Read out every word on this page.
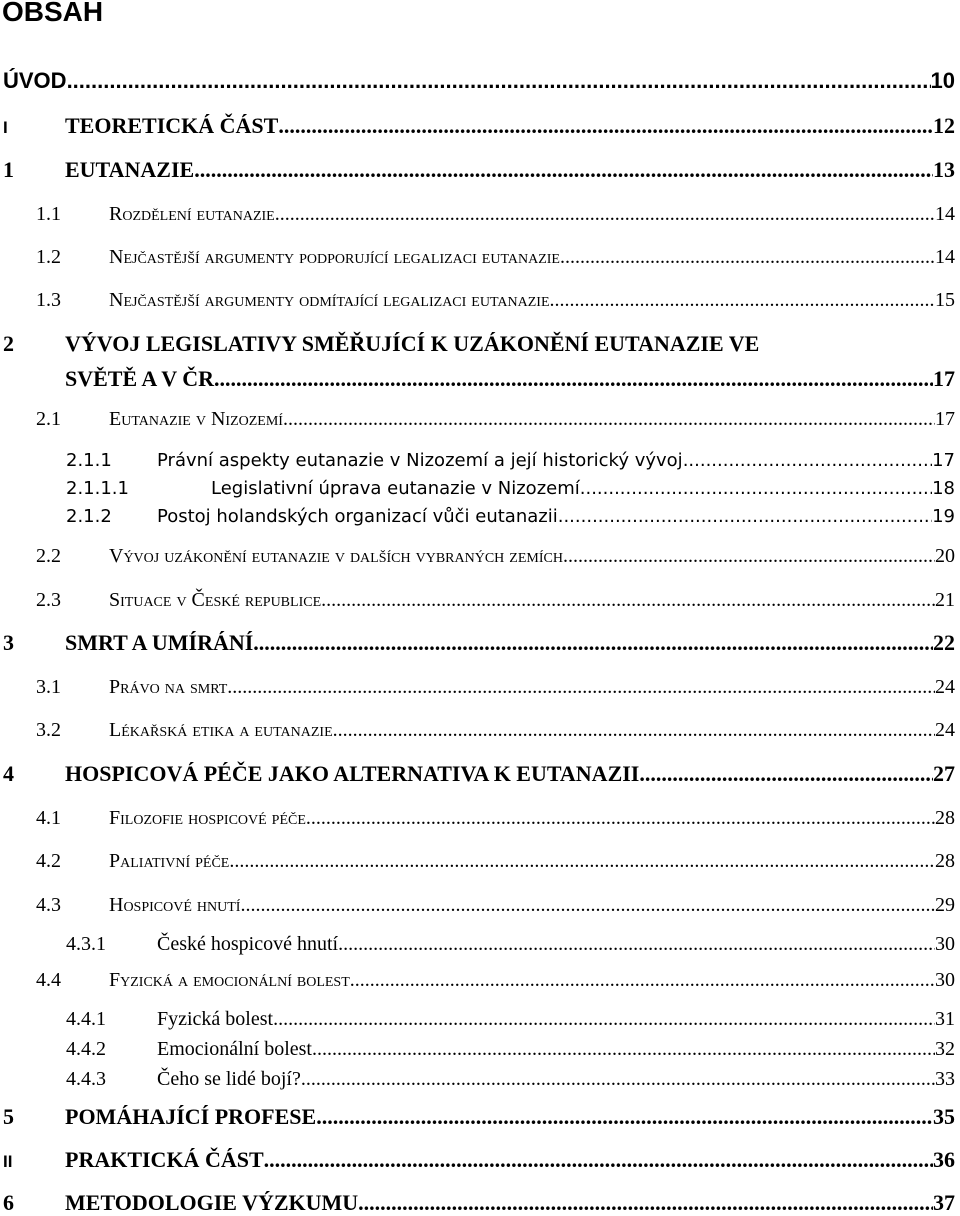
OBSAH
ÚVOD .....	10
I	TEORETICKÁ ČÁST .....	12
1	EUTANAZIE .....	13
1.1	Rozdělení eutanazie .....	14
1.2	Nejčastější argumenty podporující legalizaci eutanazie .....	14
1.3	Nejčastější argumenty odmítající legalizaci eutanazie .....	15
2	VÝVOJ LEGISLATIVY SMĚŘUJÍCÍ K UZÁKONĚNÍ EUTANAZIE VE
SVĚTĚ A V ČR .....	17
2.1	Eutanazie v Nizozemí .....	17
2.1.1	Právní aspekty eutanazie v Nizozemí a její historický vývoj .....	17
2.1.1.1	Legislativní úprava eutanazie v Nizozemí .....	18
2.1.2	Postoj holandských organizací vůči eutanazii .....	19
2.2	Vývoj uzákonění eutanazie v dalších vybraných zemích .....	20
2.3	Situace v České republice .....	21
3	SMRT A UMÍRÁNÍ .....	22
3.1	Právo na smrt .....	24
3.2	Lékařská etika a eutanazie .....	24
4	HOSPICOVÁ PÉČE JAKO ALTERNATIVA K EUTANAZII .....	27
4.1	Filozofie hospicové péče .....	28
4.2	Paliativní péče .....	28
4.3	Hospicové hnutí .....	29
4.3.1	České hospicové hnutí .....	30
4.4	Fyzická a emocionální bolest .....	30
4.4.1	Fyzická bolest .....	31
4.4.2	Emocionální bolest .....	32
4.4.3	Čeho se lidé bojí? .....	33
5	POMÁHAJÍCÍ PROFESE .....	35
II	PRAKTICKÁ ČÁST .....	36
6	METODOLOGIE VÝZKUMU .....	37
